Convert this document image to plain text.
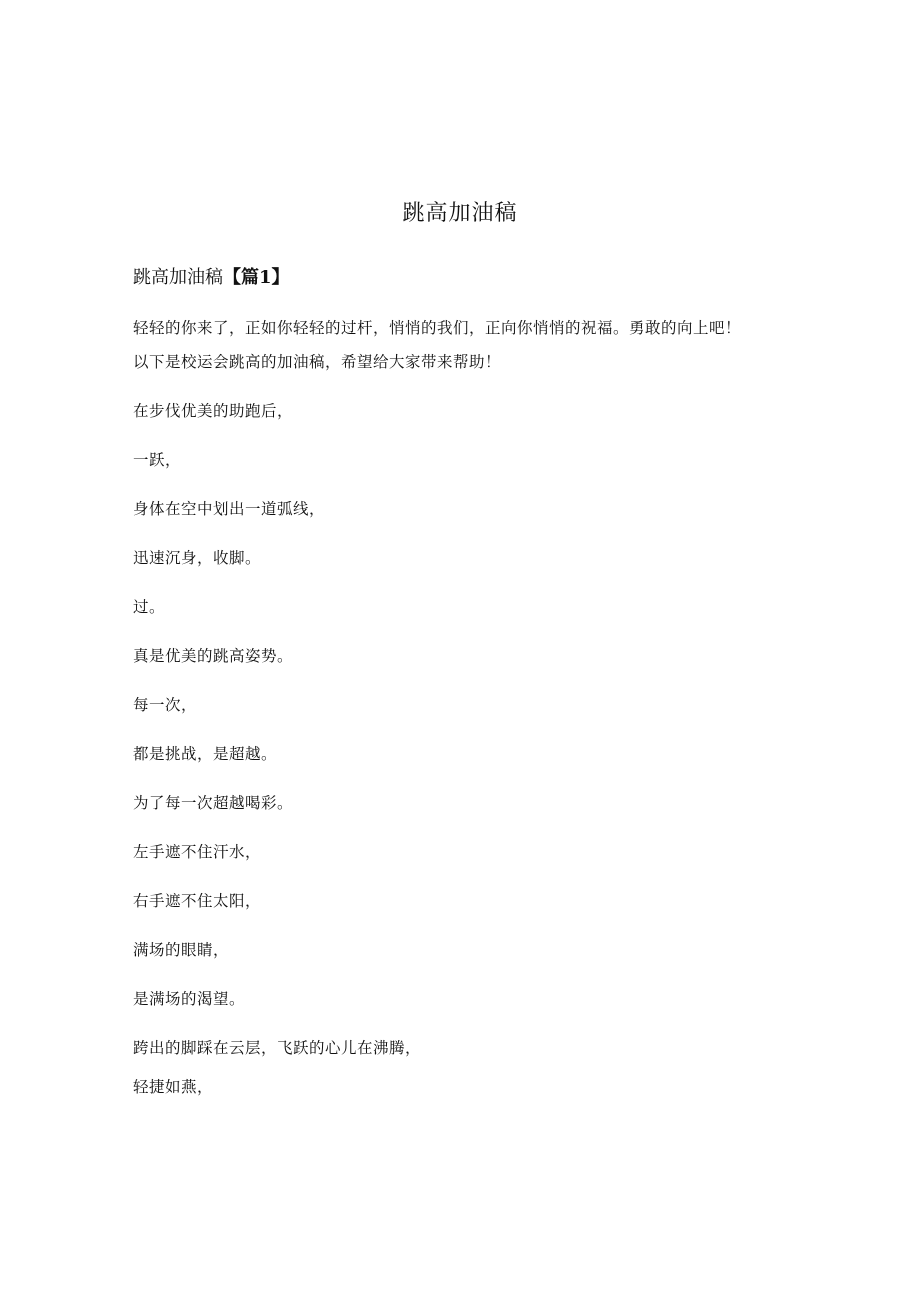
跳高加油稿
跳高加油稿【篇1】

轻轻的你来了，正如你轻轻的过杆，悄悄的我们，正向你悄悄的祝福。勇敢的向上吧！

以下是校运会跳高的加油稿，希望给大家带来帮助！

在步伐优美的助跑后，

一跃，

身体在空中划出一道弧线，

迅速沉身，收脚。

过。

真是优美的跳高姿势。

每一次，

都是挑战，是超越。

为了每一次超越喝彩。

左手遮不住汗水，

右手遮不住太阳，

满场的眼睛，

是满场的渴望。

跨出的脚踩在云层，飞跃的心儿在沸腾，

轻捷如燕，
